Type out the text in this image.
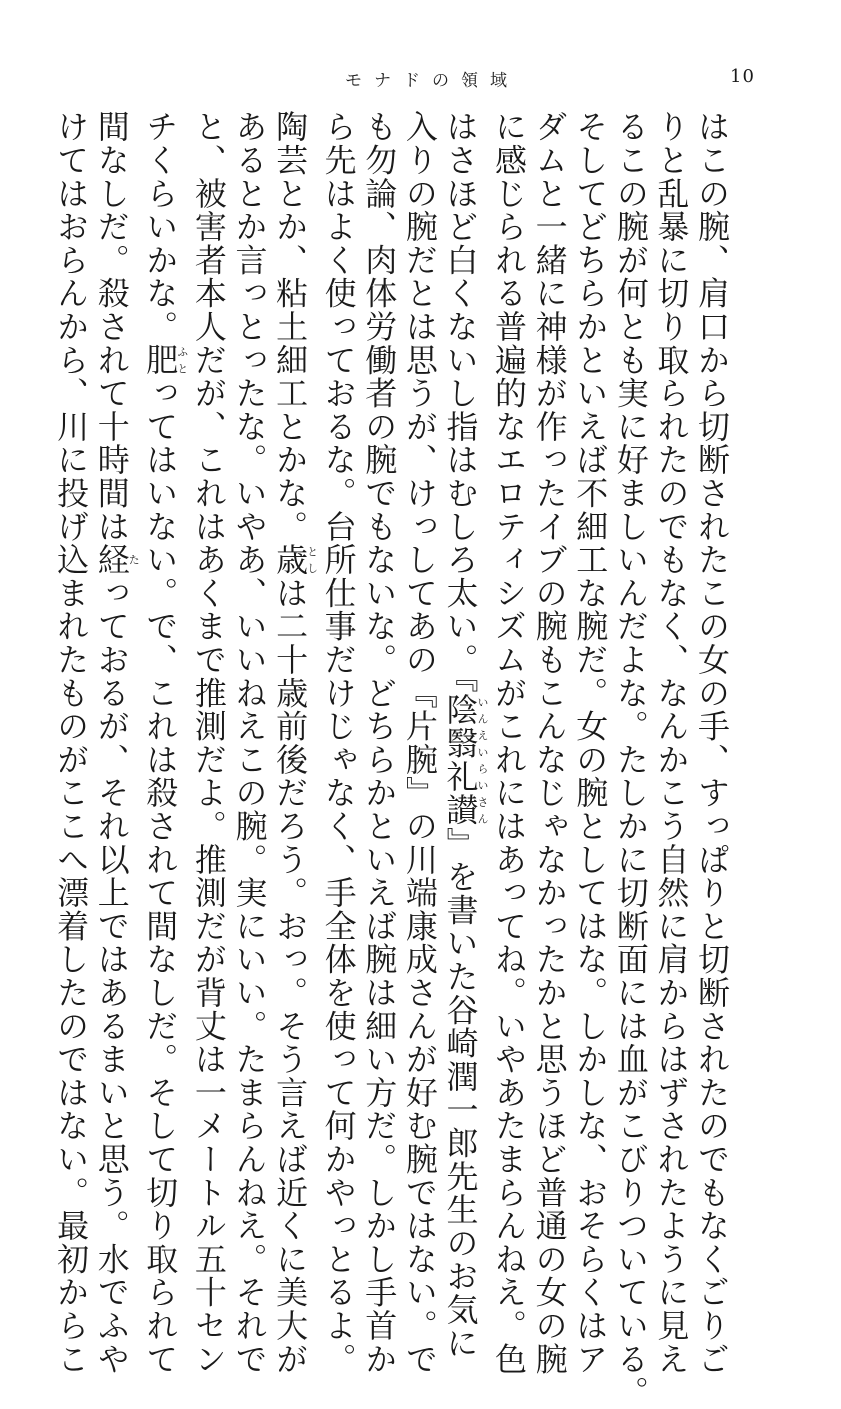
モナドの領域	10
はこの腕、肩口から切断されたこの女の手、すっぱりと切断されたのでもなくごりご
りと乱暴に切り取られたのでもなく、なんかこう自然に肩からはずされたように見え
るこの腕が何とも実に好ましいんだよな。たしかに切断面には血がこびりついている。
そしてどちらかといえば不細工な腕だ。女の腕としてはな。しかしな、おそらくはア
ダムと一緒に神様が作ったイブの腕もこんなじゃなかったかと思うほど普通の女の腕
に感じられる普遍的なエロティシズムがこれにはあってね。いやあたまらんねえ。色
はさほど白くないし指はむしろ太い。『陰翳礼讃いんえいらいさん』を書いた谷崎潤一郎先生のお気に
入りの腕だとは思うが、けっしてあの『片腕』の川端康成さんが好む腕ではない。で
も勿論、肉体労働者の腕でもないな。どちらかといえば腕は細い方だ。しかし手首か
ら先はよく使っておるな。台所仕事だけじゃなく、手全体を使って何かやっとるよ。
陶芸とか、粘土細工とかな。歳としは二十歳前後だろう。おっ。そう言えば近くに美大が
あるとか言っとったな。いやあ、いいねえこの腕。実にいい。たまらんねえ。それで
と、被害者本人だが、これはあくまで推測だよ。推測だが背丈は一メートル五十セン
チくらいかな。肥ふとってはいない。で、これは殺されて間なしだ。そして切り取られて
間なしだ。殺されて十時間は経たっておるが、それ以上ではあるまいと思う。水でふや
けてはおらんから、川に投げ込まれたものがここへ漂着したのではない。最初からこ
